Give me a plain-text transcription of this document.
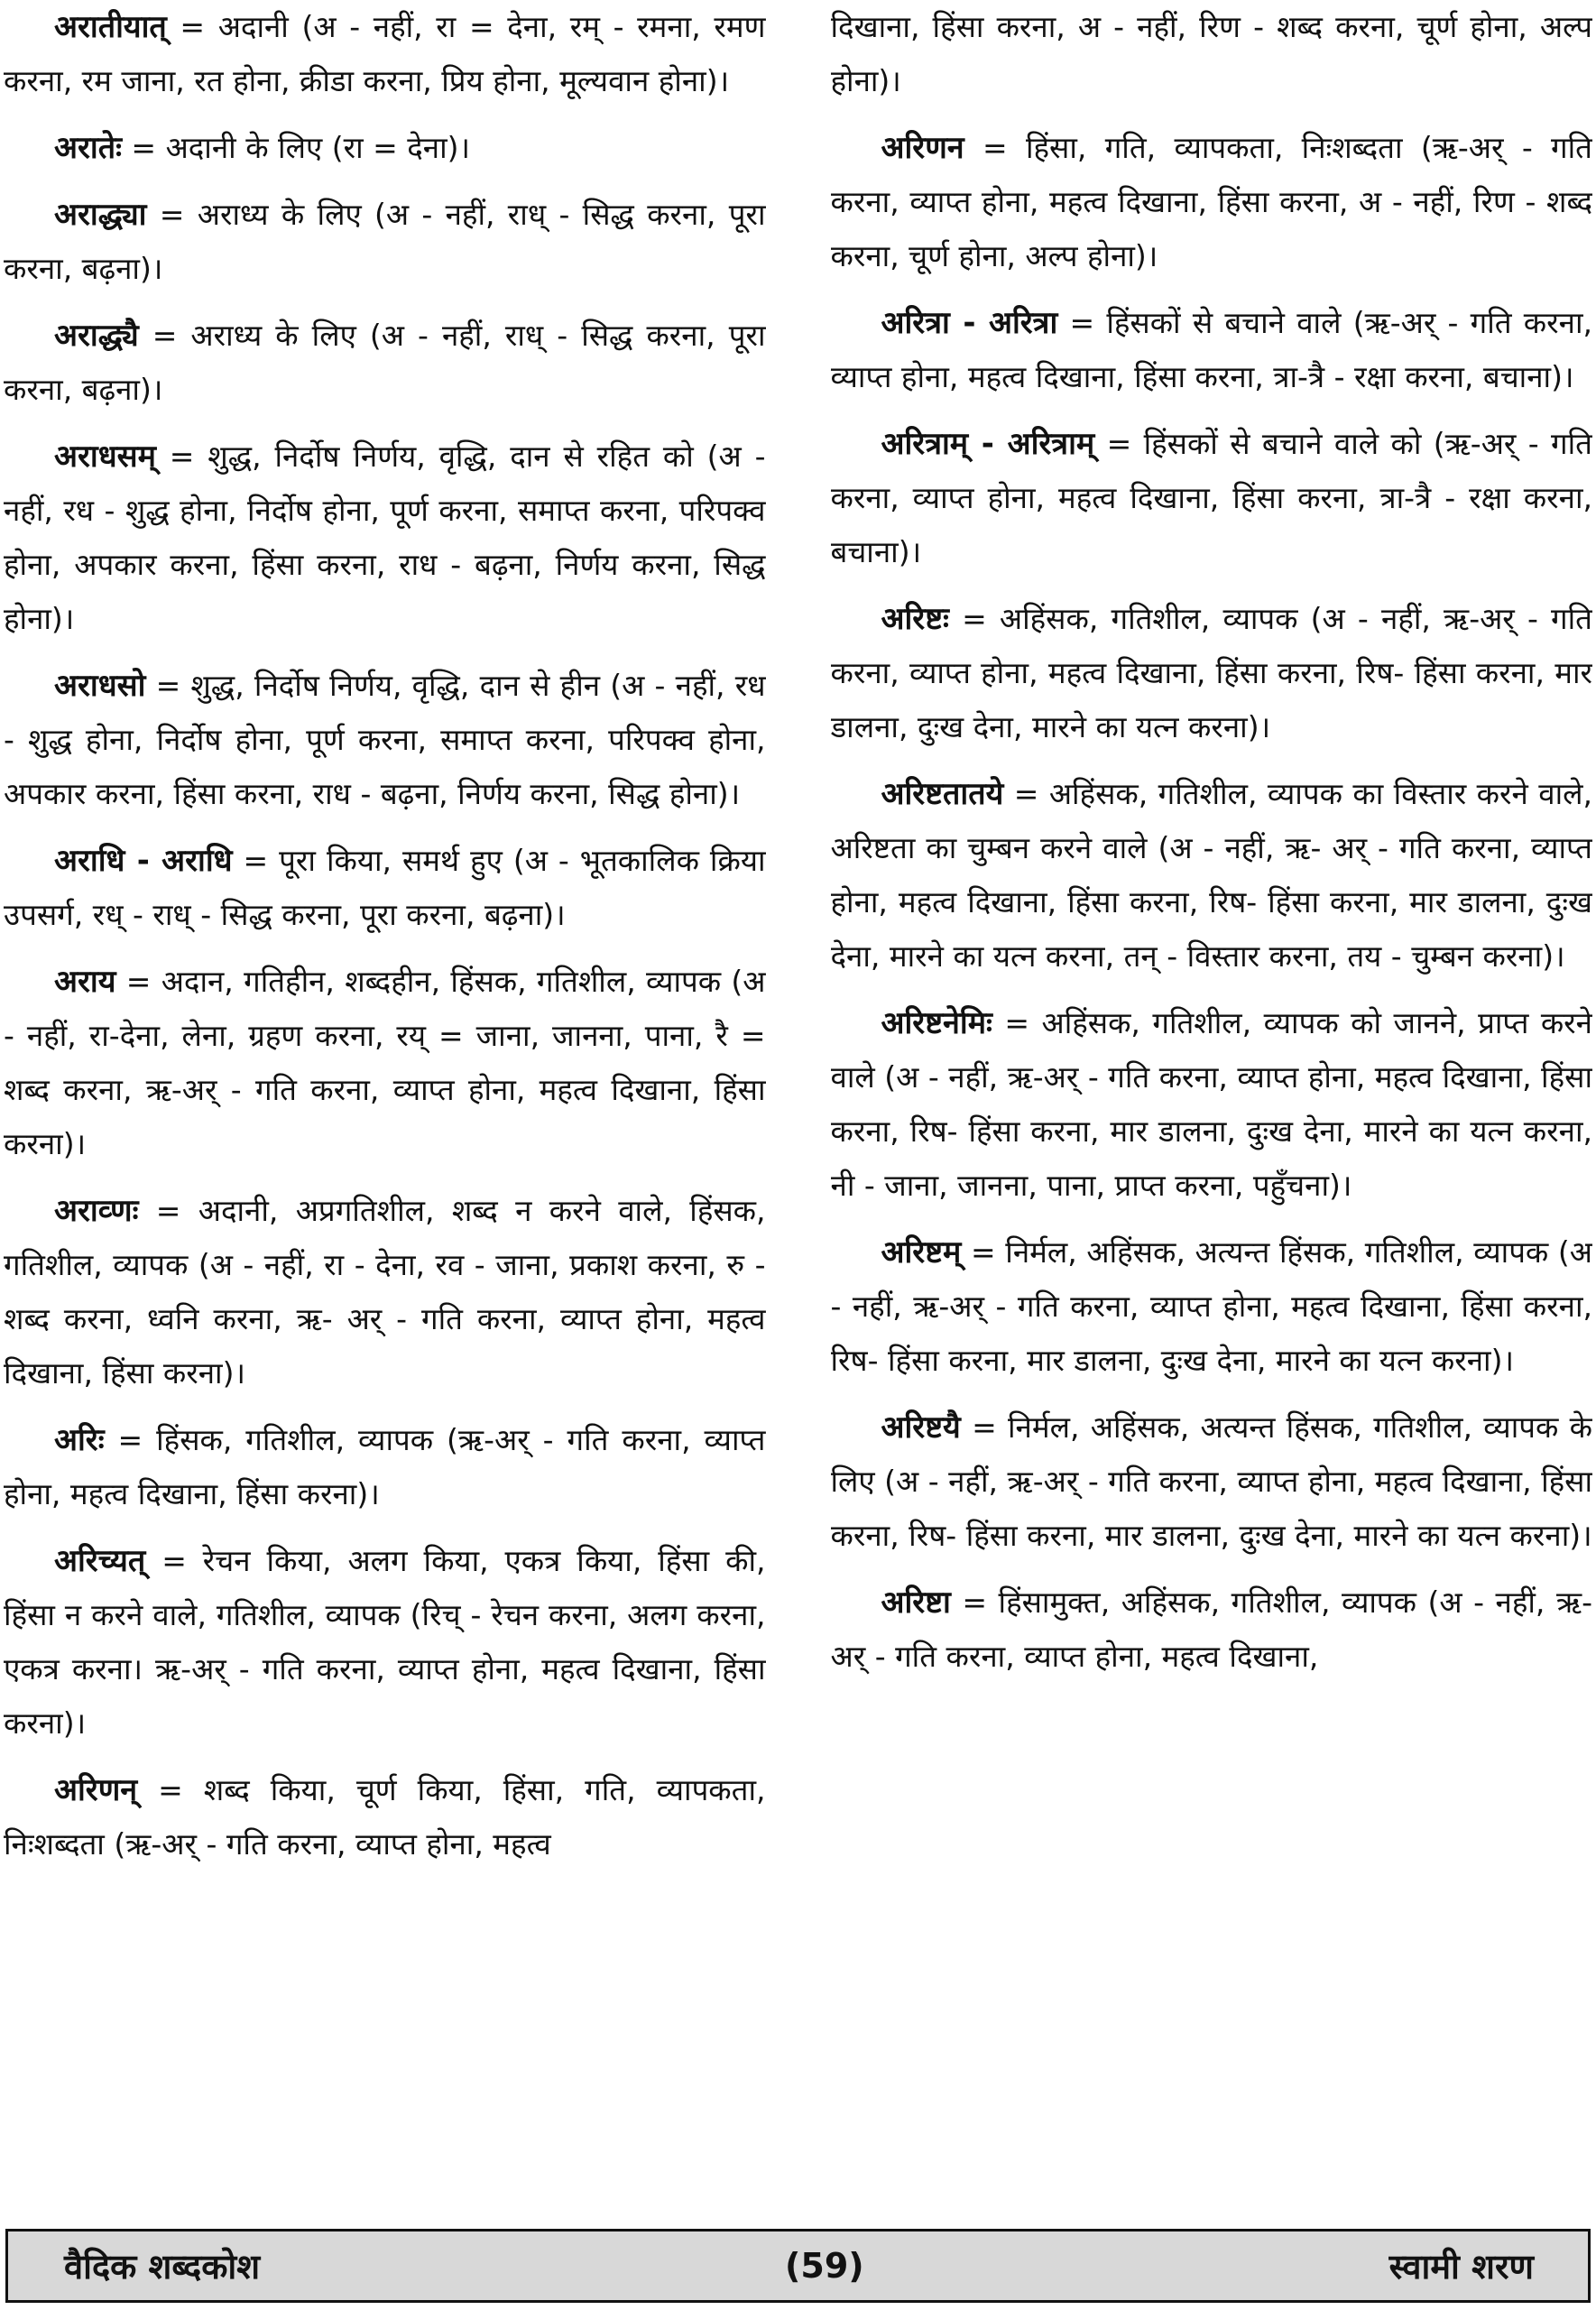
अरातीयात् = अदानी (अ - नहीं, रा = देना, रम् - रमना, रमण करना, रम जाना, रत होना, क्रीडा करना, प्रिय होना, मूल्यवान होना)।

अरातेः = अदानी के लिए (रा = देना)।

अराद्ध्या = अराध्य के लिए (अ - नहीं, राध् - सिद्ध करना, पूरा करना, बढ़ना)।

अराद्ध्यै = अराध्य के लिए (अ - नहीं, राध् - सिद्ध करना, पूरा करना, बढ़ना)।

अराधसम् = शुद्ध, निर्दोष निर्णय, वृद्धि, दान से रहित को (अ - नहीं, रध - शुद्ध होना, निर्दोष होना, पूर्ण करना, समाप्त करना, परिपक्व होना, अपकार करना, हिंसा करना, राध - बढ़ना, निर्णय करना, सिद्ध होना)।

अराधसो = शुद्ध, निर्दोष निर्णय, वृद्धि, दान से हीन (अ - नहीं, रध - शुद्ध होना, निर्दोष होना, पूर्ण करना, समाप्त करना, परिपक्व होना, अपकार करना, हिंसा करना, राध - बढ़ना, निर्णय करना, सिद्ध होना)।

अराधि - अराधि = पूरा किया, समर्थ हुए (अ - भूतकालिक क्रिया उपसर्ग, रध् - राध् - सिद्ध करना, पूरा करना, बढ़ना)।

अराय = अदान, गतिहीन, शब्दहीन, हिंसक, गतिशील, व्यापक (अ - नहीं, रा-देना, लेना, ग्रहण करना, रय् = जाना, जानना, पाना, रै = शब्द करना, ऋ-अर् - गति करना, व्याप्त होना, महत्व दिखाना, हिंसा करना)।

अराव्णः = अदानी, अप्रगतिशील, शब्द न करने वाले, हिंसक, गतिशील, व्यापक (अ - नहीं, रा - देना, रव - जाना, प्रकाश करना, रु - शब्द करना, ध्वनि करना, ऋ- अर् - गति करना, व्याप्त होना, महत्व दिखाना, हिंसा करना)।

अरिः = हिंसक, गतिशील, व्यापक (ऋ-अर् - गति करना, व्याप्त होना, महत्व दिखाना, हिंसा करना)।

अरिच्यत् = रेचन किया, अलग किया, एकत्र किया, हिंसा की, हिंसा न करने वाले, गतिशील, व्यापक (रिच् - रेचन करना, अलग करना, एकत्र करना। ऋ-अर् - गति करना, व्याप्त होना, महत्व दिखाना, हिंसा करना)।

अरिणन् = शब्द किया, चूर्ण किया, हिंसा, गति, व्यापकता, निःशब्दता (ऋ-अर् - गति करना, व्याप्त होना, महत्व

दिखाना, हिंसा करना, अ - नहीं, रिण - शब्द करना, चूर्ण होना, अल्प होना)।

अरिणन = हिंसा, गति, व्यापकता, निःशब्दता (ऋ-अर् - गति करना, व्याप्त होना, महत्व दिखाना, हिंसा करना, अ - नहीं, रिण - शब्द करना, चूर्ण होना, अल्प होना)।

अरित्रा - अरित्रा = हिंसकों से बचाने वाले (ऋ-अर् - गति करना, व्याप्त होना, महत्व दिखाना, हिंसा करना, त्रा-त्रै - रक्षा करना, बचाना)।

अरित्राम् - अरित्राम् = हिंसकों से बचाने वाले को (ऋ-अर् - गति करना, व्याप्त होना, महत्व दिखाना, हिंसा करना, त्रा-त्रै - रक्षा करना, बचाना)।

अरिष्टः = अहिंसक, गतिशील, व्यापक (अ - नहीं, ऋ-अर् - गति करना, व्याप्त होना, महत्व दिखाना, हिंसा करना, रिष- हिंसा करना, मार डालना, दुःख देना, मारने का यत्न करना)।

अरिष्टतातये = अहिंसक, गतिशील, व्यापक का विस्तार करने वाले, अरिष्टता का चुम्बन करने वाले (अ - नहीं, ऋ- अर् - गति करना, व्याप्त होना, महत्व दिखाना, हिंसा करना, रिष- हिंसा करना, मार डालना, दुःख देना, मारने का यत्न करना, तन् - विस्तार करना, तय - चुम्बन करना)।

अरिष्टनेमिः = अहिंसक, गतिशील, व्यापक को जानने, प्राप्त करने वाले (अ - नहीं, ऋ-अर् - गति करना, व्याप्त होना, महत्व दिखाना, हिंसा करना, रिष- हिंसा करना, मार डालना, दुःख देना, मारने का यत्न करना, नी - जाना, जानना, पाना, प्राप्त करना, पहुँचना)।

अरिष्टम् = निर्मल, अहिंसक, अत्यन्त हिंसक, गतिशील, व्यापक (अ - नहीं, ऋ-अर् - गति करना, व्याप्त होना, महत्व दिखाना, हिंसा करना, रिष- हिंसा करना, मार डालना, दुःख देना, मारने का यत्न करना)।

अरिष्टयै = निर्मल, अहिंसक, अत्यन्त हिंसक, गतिशील, व्यापक के लिए (अ - नहीं, ऋ-अर् - गति करना, व्याप्त होना, महत्व दिखाना, हिंसा करना, रिष- हिंसा करना, मार डालना, दुःख देना, मारने का यत्न करना)।

अरिष्टा = हिंसामुक्त, अहिंसक, गतिशील, व्यापक (अ - नहीं, ऋ-अर् - गति करना, व्याप्त होना, महत्व दिखाना,

वैदिक शब्दकोश	(59)	स्वामी शरण
